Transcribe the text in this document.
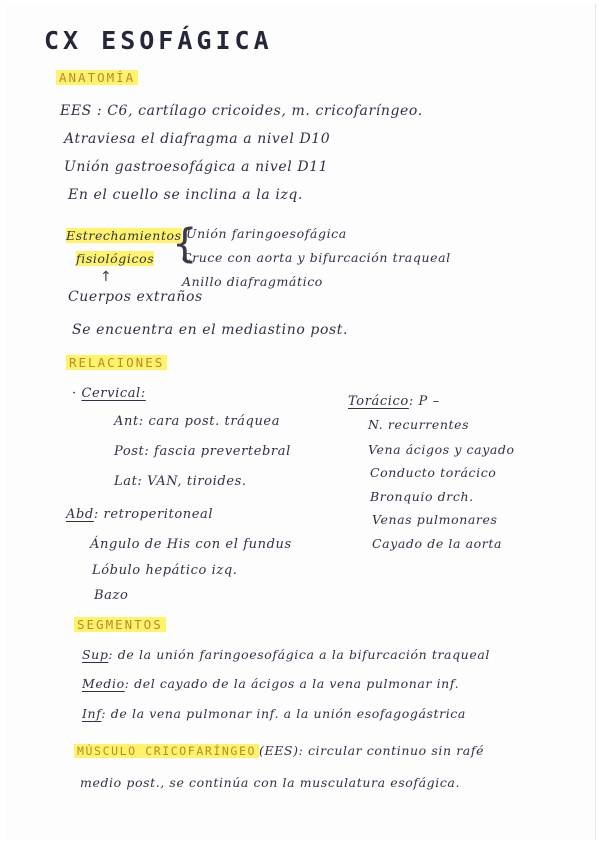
CX ESOFÁGICA
ANATOMÍA
EES : C6, cartílago cricoides, m. cricofaríngeo.
Atraviesa el diafragma a nivel D10
Unión gastroesofágica a nivel D11
En el cuello se inclina a la izq.
Estrechamientos
fisiológicos {
Unión faringoesofágica
Cruce con aorta y bifurcación traqueal
Anillo diafragmático
↑
Cuerpos extraños
Se encuentra en el mediastino post.
RELACIONES
· Cervical:
Ant: cara post. tráquea
Post: fascia prevertebral
Lat: VAN, tiroides.
Torácico: P –
N. recurrentes
Vena ácigos y cayado
Conducto torácico
Bronquio drch.
Venas pulmonares
Cayado de la aorta
Abd: retroperitoneal
Ángulo de His con el fundus
Lóbulo hepático izq.
Bazo
SEGMENTOS
Sup: de la unión faringoesofágica a la bifurcación traqueal
Medio: del cayado de la ácigos a la vena pulmonar inf.
Inf: de la vena pulmonar inf. a la unión esofagogástrica
MÚSCULO CRICOFARÍNGEO (EES): circular continuo sin rafé
medio post., se continúa con la musculatura esofágica.
